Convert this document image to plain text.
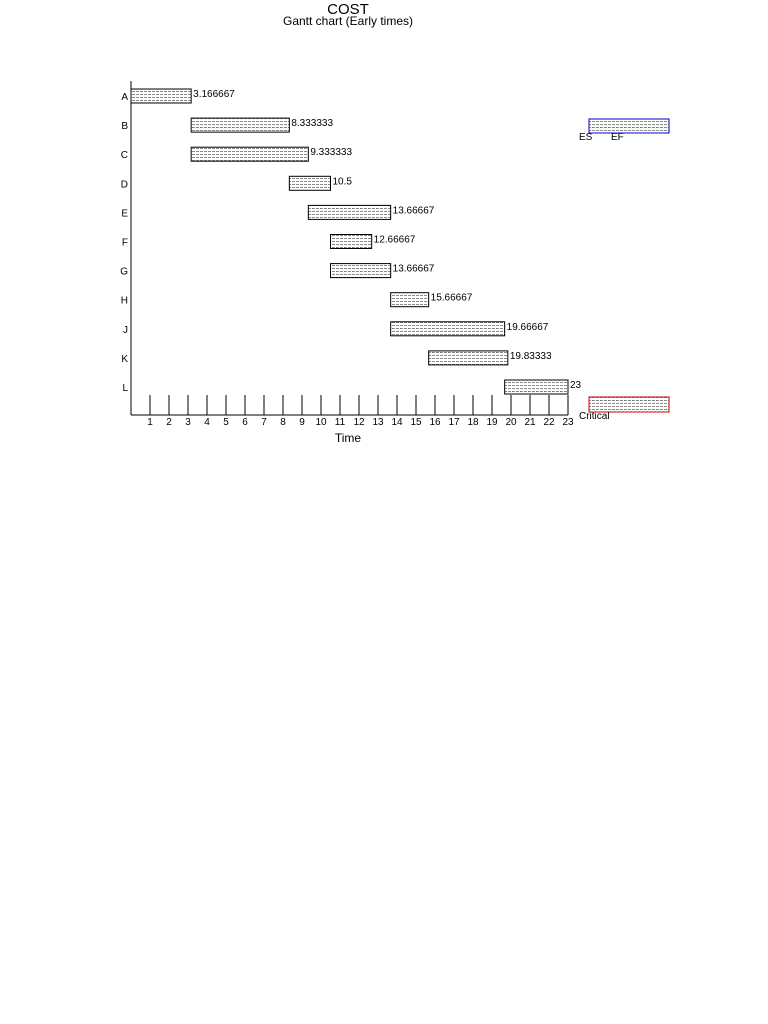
COST
Gantt chart (Early times)
A	3.166667
B	8.333333
C	9.333333
D	10.5
E	13.66667
F	12.66667
G	13.66667
H	15.66667
J	19.66667
K	19.83333
L	23
1 2 3 4 5 6 7 8 9 10 11 12 13 14 15 16 17 18 19 20 21 22 23
Time
ES EF
Critical
